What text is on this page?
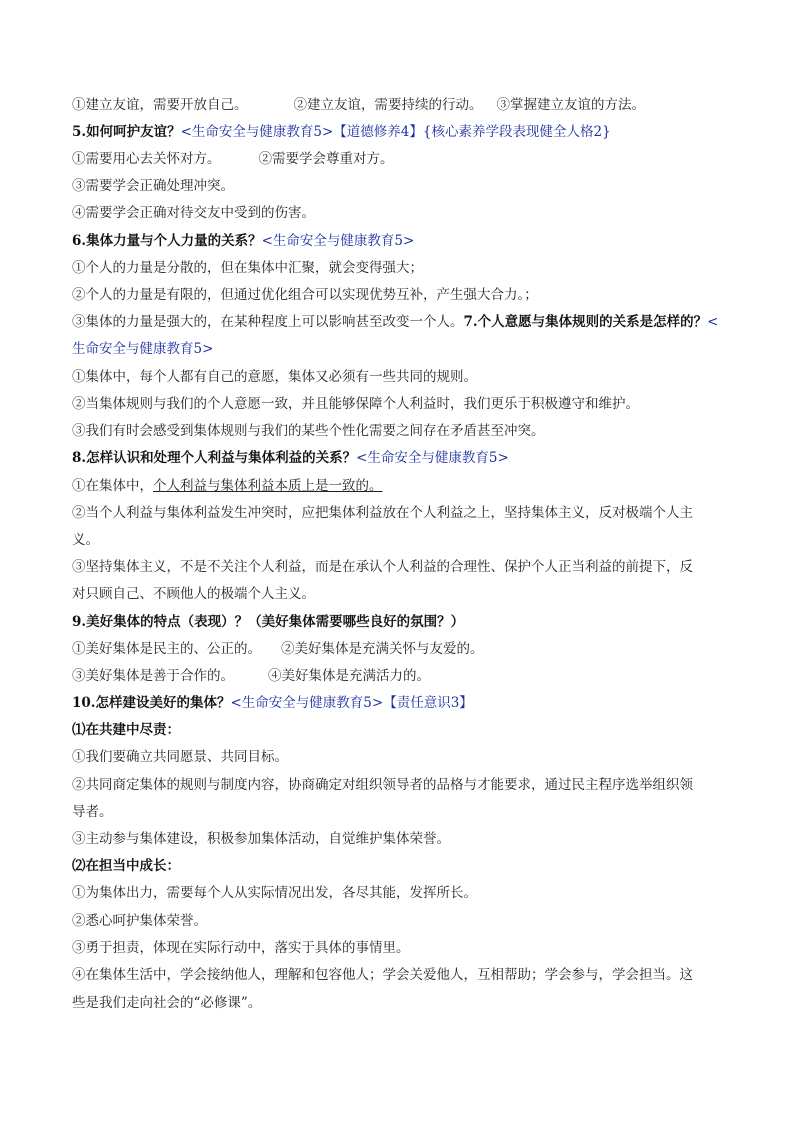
①建立友谊，需要开放自己。	②建立友谊，需要持续的行动。 ③掌握建立友谊的方法。
5.如何呵护友谊？<生命安全与健康教育5>【道德修养4】{核心素养学段表现健全人格2}
①需要用心去关怀对方。	②需要学会尊重对方。
③需要学会正确处理冲突。
④需要学会正确对待交友中受到的伤害。
6.集体力量与个人力量的关系？<生命安全与健康教育5>
①个人的力量是分散的，但在集体中汇聚，就会变得强大；
②个人的力量是有限的，但通过优化组合可以实现优势互补，产生强大合力。；
③集体的力量是强大的，在某种程度上可以影响甚至改变一个人。7.个人意愿与集体规则的关系是怎样的？<
生命安全与健康教育5>
①集体中，每个人都有自己的意愿，集体又必须有一些共同的规则。
②当集体规则与我们的个人意愿一致，并且能够保障个人利益时，我们更乐于积极遵守和维护。
③我们有时会感受到集体规则与我们的某些个性化需要之间存在矛盾甚至冲突。
8.怎样认识和处理个人利益与集体利益的关系？<生命安全与健康教育5>
①在集体中，个人利益与集体利益本质上是一致的。
②当个人利益与集体利益发生冲突时，应把集体利益放在个人利益之上，坚持集体主义，反对极端个人主
义。
③坚持集体主义，不是不关注个人利益，而是在承认个人利益的合理性、保护个人正当利益的前提下，反
对只顾自己、不顾他人的极端个人主义。
9.美好集体的特点（表现）？（美好集体需要哪些良好的氛围？）
①美好集体是民主的、公正的。 ②美好集体是充满关怀与友爱的。
③美好集体是善于合作的。	④美好集体是充满活力的。
10.怎样建设美好的集体？<生命安全与健康教育5>【责任意识3】
⑴在共建中尽责：
①我们要确立共同愿景、共同目标。
②共同商定集体的规则与制度内容，协商确定对组织领导者的品格与才能要求，通过民主程序选举组织领
导者。
③主动参与集体建设，积极参加集体活动，自觉维护集体荣誉。
⑵在担当中成长：
①为集体出力，需要每个人从实际情况出发，各尽其能，发挥所长。
②悉心呵护集体荣誉。
③勇于担责，体现在实际行动中，落实于具体的事情里。
④在集体生活中，学会接纳他人，理解和包容他人；学会关爱他人，互相帮助；学会参与，学会担当。这
些是我们走向社会的“必修课”。
